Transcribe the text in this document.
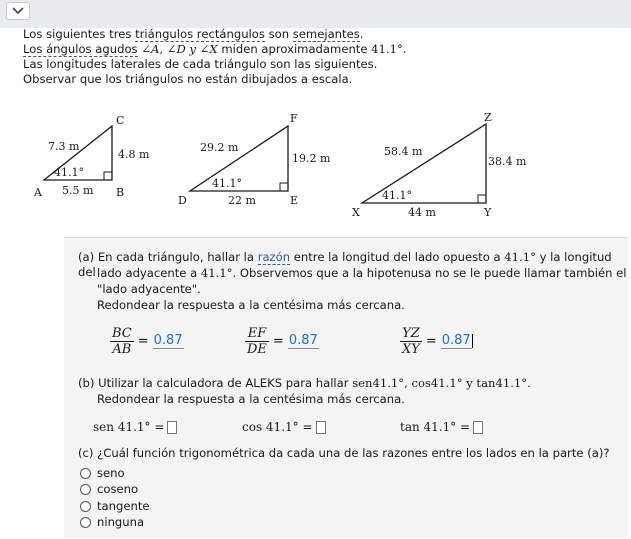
Los siguientes tres triángulos rectángulos son semejantes.
Los ángulos agudos ∠A, ∠D y ∠X miden aproximadamente 41.1°.
Las longitudes laterales de cada triángulo son las siguientes.
Observar que los triángulos no están dibujados a escala.
A	B
C
7.3 m
4.8 m
5.5 m
41.1°
D	E
F
29.2 m
19.2 m
22 m
41.1°
X	Y
Z
58.4 m
38.4 m
44 m
41.1°
(a) En cada triángulo, hallar la razón entre la longitud del lado opuesto a 41.1° y la longitud del lado adyacente a 41.1°. Observemos que a la hipotenusa no se le puede llamar también el
"lado adyacente".
Redondear la respuesta a la centésima más cercana.
$\frac{BC}{AB} = 0.87$	$\frac{EF}{DE} = 0.87$	$\frac{YZ}{XY} = 0.87$
(b) Utilizar la calculadora de ALEKS para hallar sen41.1°, cos41.1° y tan41.1°.
Redondear la respuesta a la centésima más cercana.
sen 41.1° =	cos 41.1° =	tan 41.1° =
(c) ¿Cuál función trigonométrica da cada una de las razones entre los lados en la parte (a)?
seno
coseno
tangente
ninguna
